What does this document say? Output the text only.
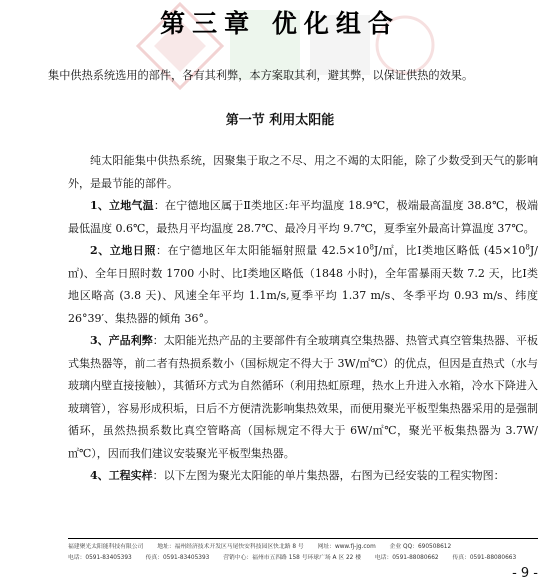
第三章 优化组合
集中供热系统选用的部件，各有其利弊，本方案取其利，避其弊，以保证供热的效果。
第一节 利用太阳能

纯太阳能集中供热系统，因聚集于取之不尽、用之不竭的太阳能，除了少数受到天气的影响外，是最节能的部件。

1、立地气温：在宁德地区属于Ⅱ类地区:年平均温度 18.9℃，极端最高温度 38.8℃，极端最低温度 0.6℃，最热月平均温度 28.7℃、最冷月平均 9.7℃，夏季室外最高计算温度 37℃。

2、立地日照：在宁德地区年太阳能辐射照量 $42.5\times 10^8J/㎡$，比Ⅰ类地区略低 $(45\times 10^8J/㎡)$、全年日照时数 1700 小时、比Ⅰ类地区略低（1848 小时)，全年雷暴雨天数 7.2 天，比Ⅰ类地区略高 (3.8 天)、风速全年平均 1.1m/s,夏季平均 1.37 m/s、冬季平均 0.93 m/s、纬度 26°39′、集热器的倾角 36°。

3、产品利弊：太阳能光热产品的主要部件有全玻璃真空集热器、热管式真空管集热器、平板式集热器等，前二者有热损系数小（国标规定不得大于 3W/㎡℃）的优点，但因是直热式（水与玻璃内壁直接接触），其循环方式为自然循环（利用热虹原理，热水上升进入水箱，冷水下降进入玻璃管），容易形成积垢，日后不方便清洗影响集热效果，而便用聚光平板型集热器采用的是强制循环，虽然热损系数比真空管略高（国标规定不得大于 6W/㎡℃，聚光平板集热器为 3.7W/㎡℃），因而我们建议安装聚光平板型集热器。

4、工程实样：以下左图为聚光太阳能的单片集热器，右图为已经安装的工程实物图：

福建聚光太阳能科技有限公司 地址：福州经济技术开发区马尾快安科技园区快北路 8 号 网址：www.fj-jg.com 企业 QQ：690508612
电话：0591-83405393 传真：0591-83405393 营销中心：福州市五四路 158 号环球广场 A 区 22 楼 电话：0591-88080662 传真：0591-88080663
- 9 -
